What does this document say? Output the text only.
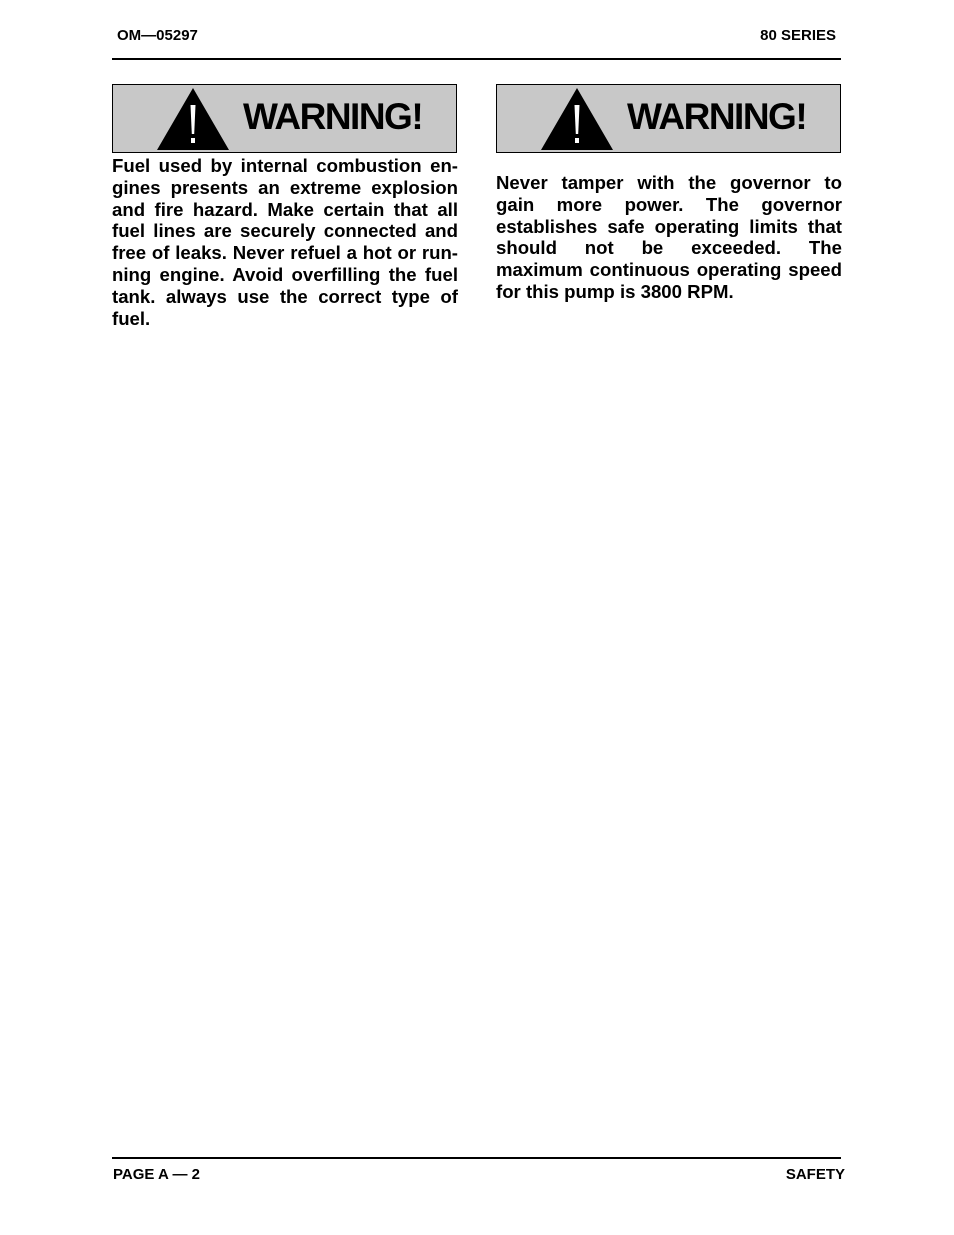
OM—05297	80 SERIES
WARNING!

Fuel used by internal combustion en-gines presents an extreme explosion and fire hazard. Make certain that all fuel lines are securely connected and free of leaks. Never refuel a hot or run-ning engine. Avoid overfilling the fuel tank. always use the correct type of fuel.

WARNING!

Never tamper with the governor to gain more power. The governor establishes safe operating limits that should not be exceeded. The maximum continuous operating speed for this pump is 3800 RPM.

PAGE A — 2	SAFETY
